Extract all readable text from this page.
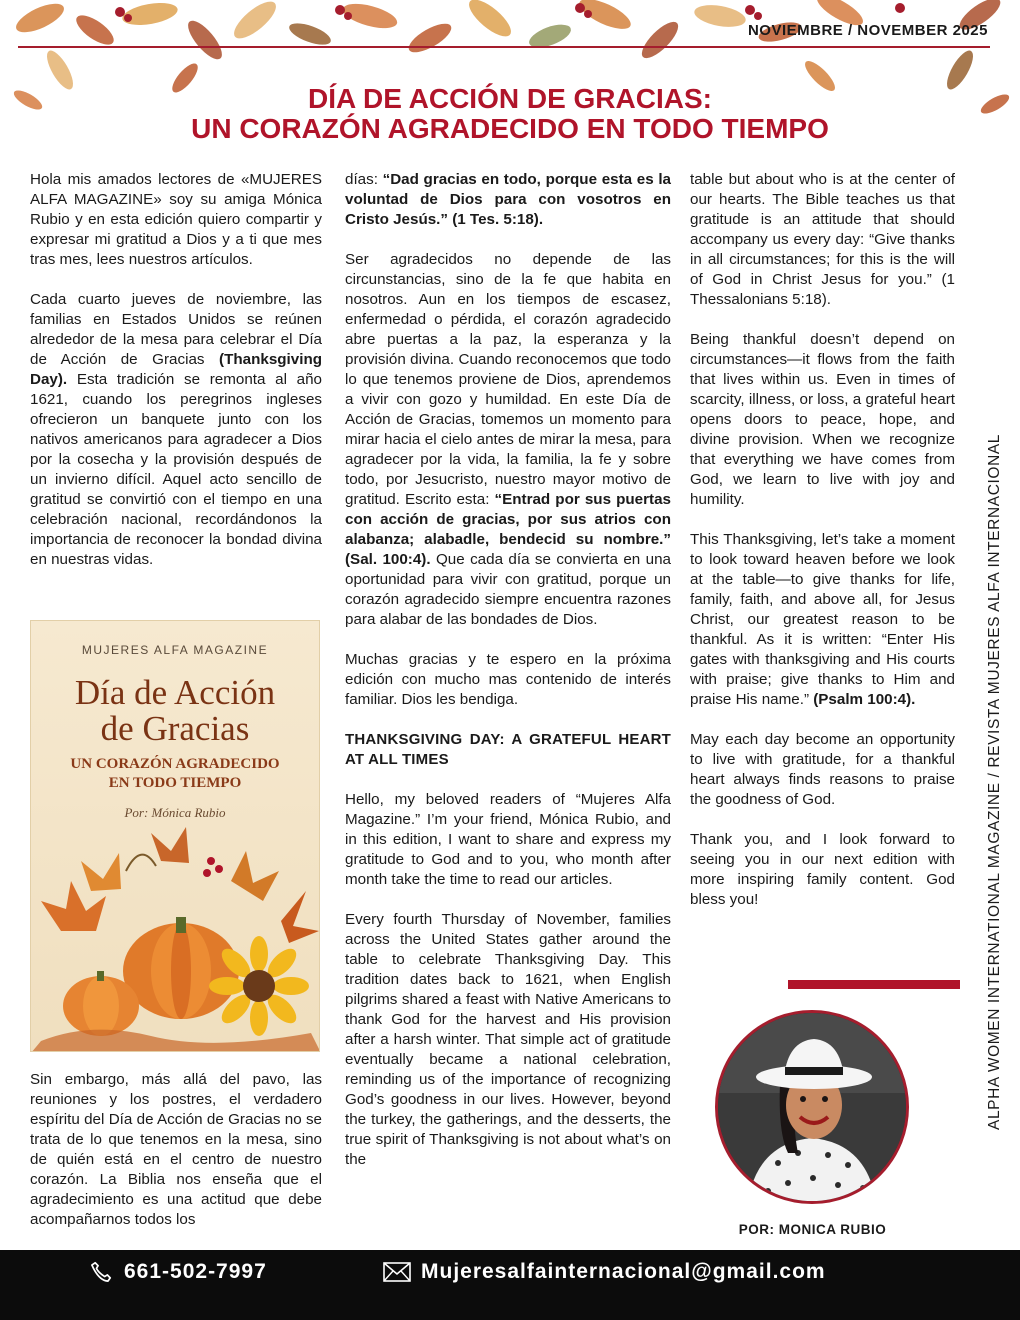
NOVIEMBRE / NOVEMBER 2025
DÍA DE ACCIÓN DE GRACIAS:
UN CORAZÓN AGRADECIDO EN TODO TIEMPO

Hola mis amados lectores de «MUJERES ALFA MAGAZINE» soy su amiga Mónica Rubio y en esta edición quiero compartir y expresar mi gratitud a Dios y a ti que mes tras mes, lees nuestros artículos.

Cada cuarto jueves de noviembre, las familias en Estados Unidos se reúnen alrededor de la mesa para celebrar el Día de Acción de Gracias (Thanksgiving Day). Esta tradición se remonta al año 1621, cuando los peregrinos ingleses ofrecieron un banquete junto con los nativos americanos para agradecer a Dios por la cosecha y la provisión después de un invierno difícil. Aquel acto sencillo de gratitud se convirtió con el tiempo en una celebración nacional, recordándonos la importancia de reconocer la bondad divina en nuestras vidas.

MUJERES ALFA MAGAZINE
Día de Acción
de Gracias
UN CORAZÓN AGRADECIDO
EN TODO TIEMPO
Por: Mónica Rubio

Sin embargo, más allá del pavo, las reuniones y los postres, el verdadero espíritu del Día de Acción de Gracias no se trata de lo que tenemos en la mesa, sino de quién está en el centro de nuestro corazón. La Biblia nos enseña que el agradecimiento es una actitud que debe acompañarnos todos los

días: “Dad gracias en todo, porque esta es la voluntad de Dios para con vosotros en Cristo Jesús.” (1 Tes. 5:18).

Ser agradecidos no depende de las circunstancias, sino de la fe que habita en nosotros. Aun en los tiempos de escasez, enfermedad o pérdida, el corazón agradecido abre puertas a la paz, la esperanza y la provisión divina. Cuando reconocemos que todo lo que tenemos proviene de Dios, aprendemos a vivir con gozo y humildad. En este Día de Acción de Gracias, tomemos un momento para mirar hacia el cielo antes de mirar la mesa, para agradecer por la vida, la familia, la fe y sobre todo, por Jesucristo, nuestro mayor motivo de gratitud. Escrito esta: “Entrad por sus puertas con acción de gracias, por sus atrios con alabanza; alabadle, bendecid su nombre.” (Sal. 100:4). Que cada día se convierta en una oportunidad para vivir con gratitud, porque un corazón agradecido siempre encuentra razones para alabar de las bondades de Dios.

Muchas gracias y te espero en la próxima edición con mucho mas contenido de interés familiar. Dios les bendiga.

THANKSGIVING DAY: A GRATEFUL HEART AT ALL TIMES

Hello, my beloved readers of “Mujeres Alfa Magazine.” I’m your friend, Mónica Rubio, and in this edition, I want to share and express my gratitude to God and to you, who month after month take the time to read our articles.

Every fourth Thursday of November, families across the United States gather around the table to celebrate Thanksgiving Day. This tradition dates back to 1621, when English pilgrims shared a feast with Native Americans to thank God for the harvest and His provision after a harsh winter. That simple act of gratitude eventually became a national celebration, reminding us of the importance of recognizing God’s goodness in our lives. However, beyond the turkey, the gatherings, and the desserts, the true spirit of Thanksgiving is not about what’s on the

table but about who is at the center of our hearts. The Bible teaches us that gratitude is an attitude that should accompany us every day: “Give thanks in all circumstances; for this is the will of God in Christ Jesus for you.” (1 Thessalonians 5:18).

Being thankful doesn’t depend on circumstances—it flows from the faith that lives within us. Even in times of scarcity, illness, or loss, a grateful heart opens doors to peace, hope, and divine provision. When we recognize that everything we have comes from God, we learn to live with joy and humility.

This Thanksgiving, let’s take a moment to look toward heaven before we look at the table—to give thanks for life, family, faith, and above all, for Jesus Christ, our greatest reason to be thankful. As it is written: “Enter His gates with thanksgiving and His courts with praise; give thanks to Him and praise His name.” (Psalm 100:4).

May each day become an opportunity to live with gratitude, for a thankful heart always finds reasons to praise the goodness of God.

Thank you, and I look forward to seeing you in our next edition with more inspiring family content. God bless you!

POR: MONICA RUBIO
ALPHA WOMEN INTERNATIONAL MAGAZINE / REVISTA MUJERES ALFA INTERNACIONAL
661-502-7997	Mujeresalfainternacional@gmail.com
